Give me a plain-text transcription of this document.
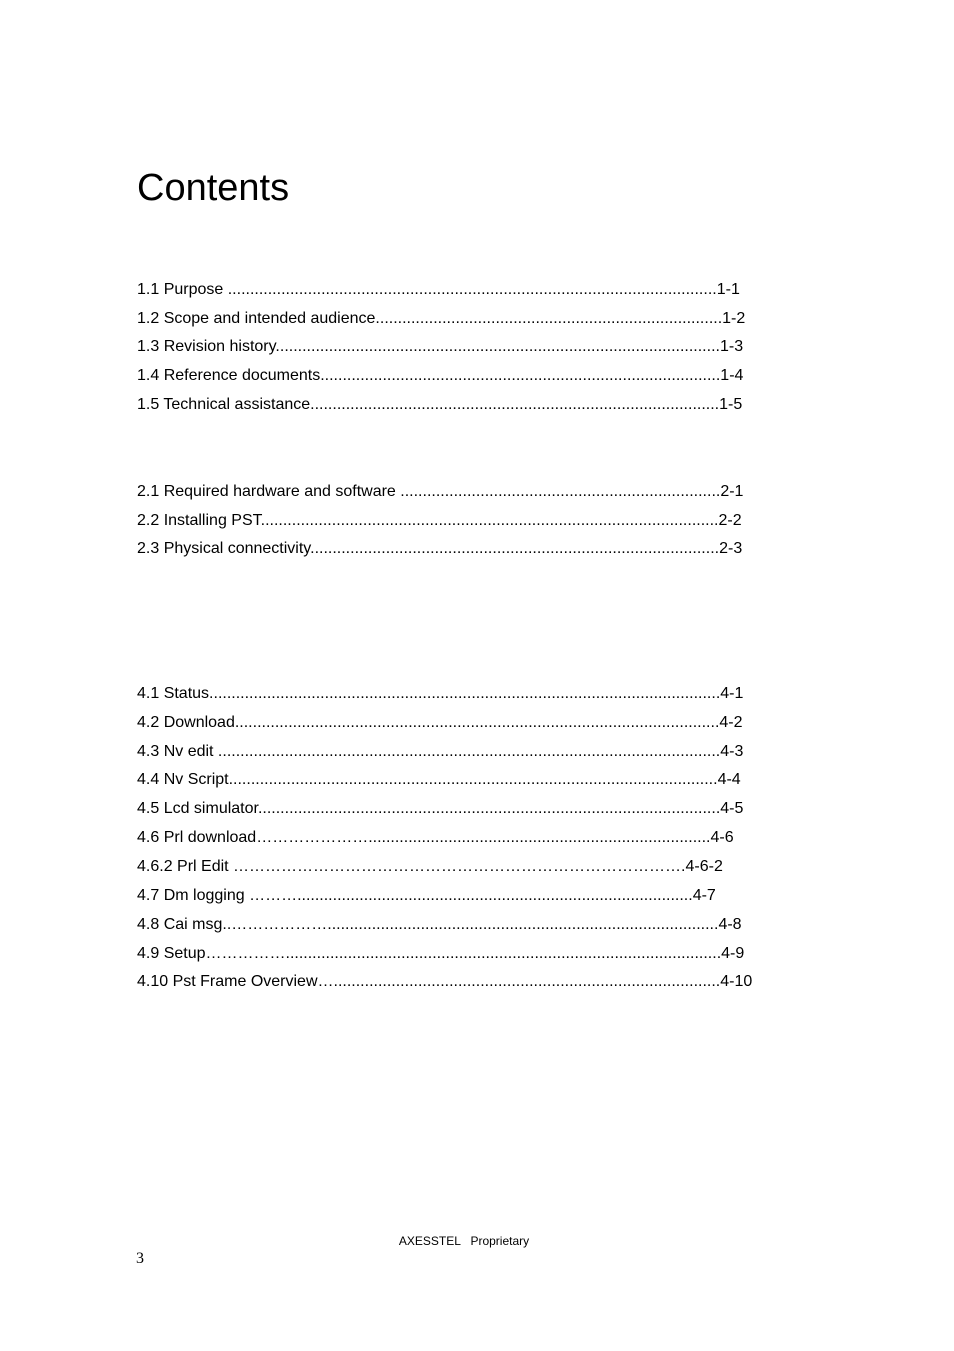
Contents
1.1 Purpose ..............................................................................................................1-1
1.2 Scope and intended audience..............................................................................1-2
1.3 Revision history....................................................................................................1-3
1.4 Reference documents..........................................................................................1-4
1.5 Technical assistance............................................................................................1-5
2.1 Required hardware and software ........................................................................2-1
2.2 Installing PST.......................................................................................................2-2
2.3 Physical connectivity............................................................................................2-3
4.1 Status...................................................................................................................4-1
4.2 Download.............................................................................................................4-2
4.3 Nv edit .................................................................................................................4-3
4.4 Nv Script..............................................................................................................4-4
4.5 Lcd simulator........................................................................................................4-5
4.6 Prl download………………….............................................................................4-6
4.6.2 Prl Edit ………………………………………………………………………….4-6-2
4.7 Dm logging ……….........................................................................................4-7
4.8 Cai msg..………………........................................................................................4-8
4.9 Setup……………..................................................................................................4-9
4.10 Pst Frame Overview….......................................................................................4-10
AXESSTEL   Proprietary
3
